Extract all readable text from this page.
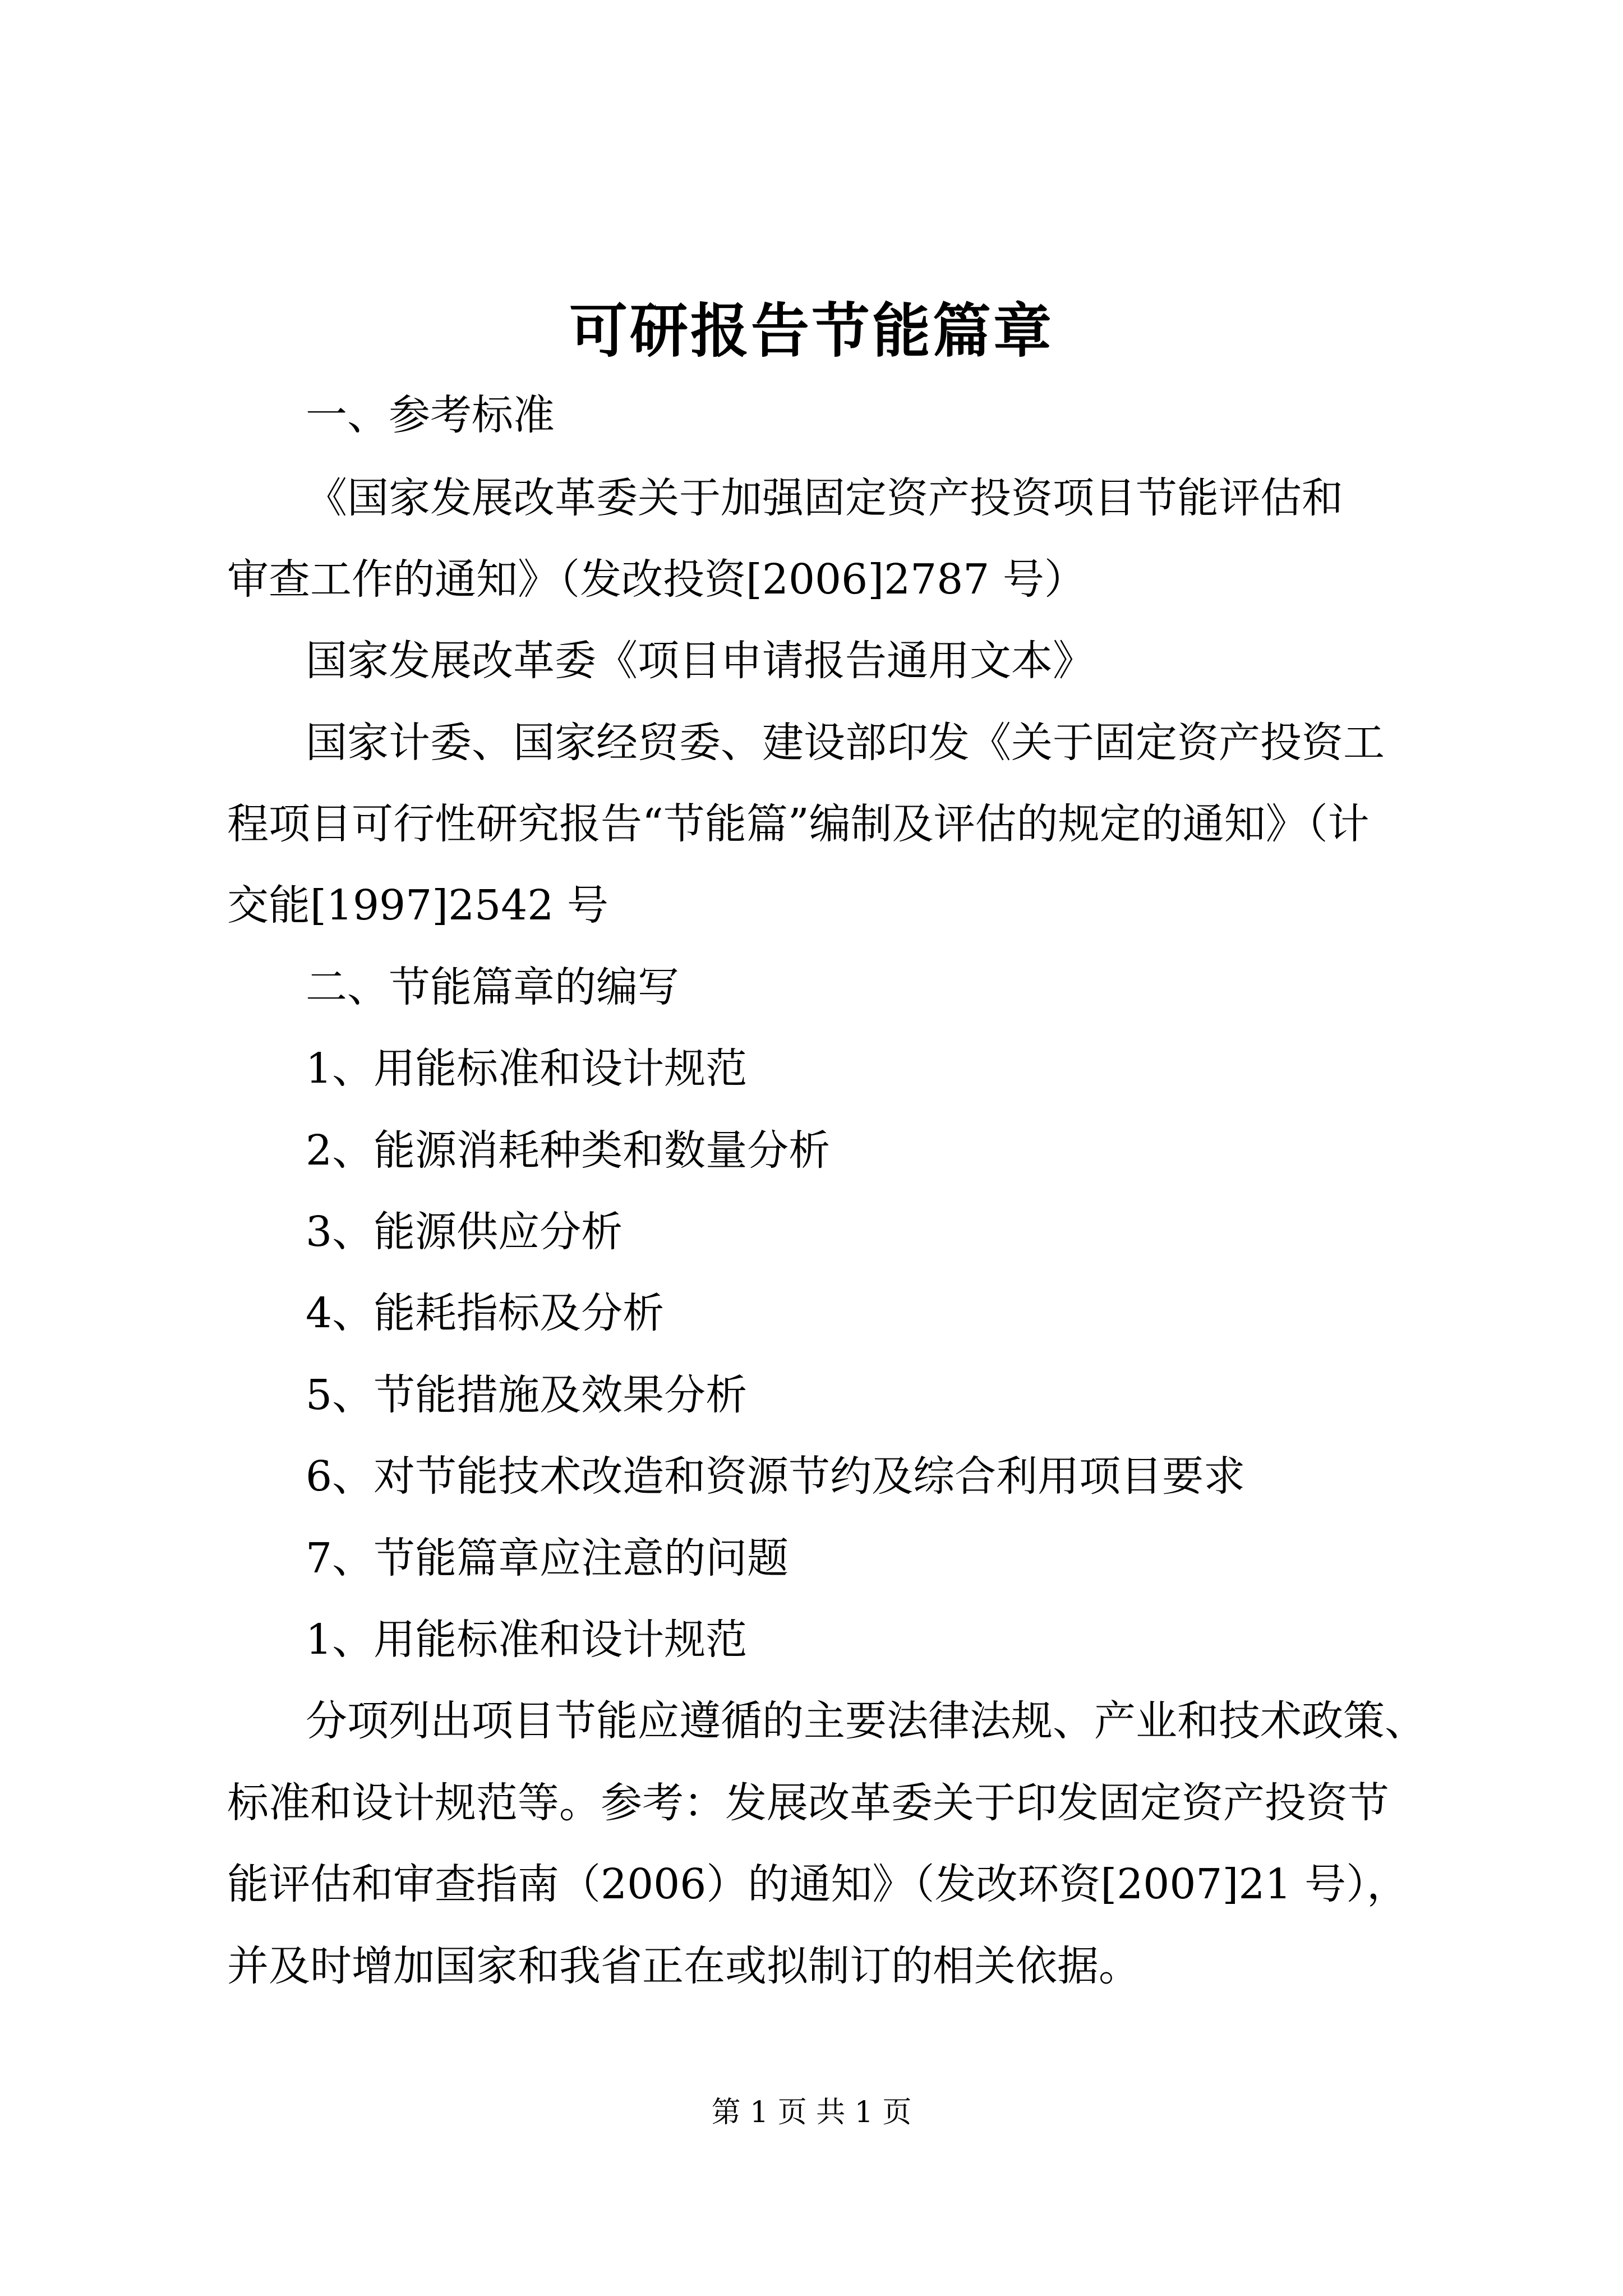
可研报告节能篇章

一、参考标准

《国家发展改革委关于加强固定资产投资项目节能评估和

审查工作的通知》（发改投资[2006]2787 号）

国家发展改革委《项目申请报告通用文本》

国家计委、国家经贸委、建设部印发《关于固定资产投资工

程项目可行性研究报告“节能篇”编制及评估的规定的通知》（计

交能[1997]2542 号

二、节能篇章的编写

1、用能标准和设计规范

2、能源消耗种类和数量分析

3、能源供应分析

4、能耗指标及分析

5、节能措施及效果分析

6、对节能技术改造和资源节约及综合利用项目要求

7、节能篇章应注意的问题

1、用能标准和设计规范

分项列出项目节能应遵循的主要法律法规、产业和技术政策、

标准和设计规范等。参考：发展改革委关于印发固定资产投资节

能评估和审查指南（2006）的通知》（发改环资[2007]21 号），

并及时增加国家和我省正在或拟制订的相关依据。

第 1 页 共 1 页
